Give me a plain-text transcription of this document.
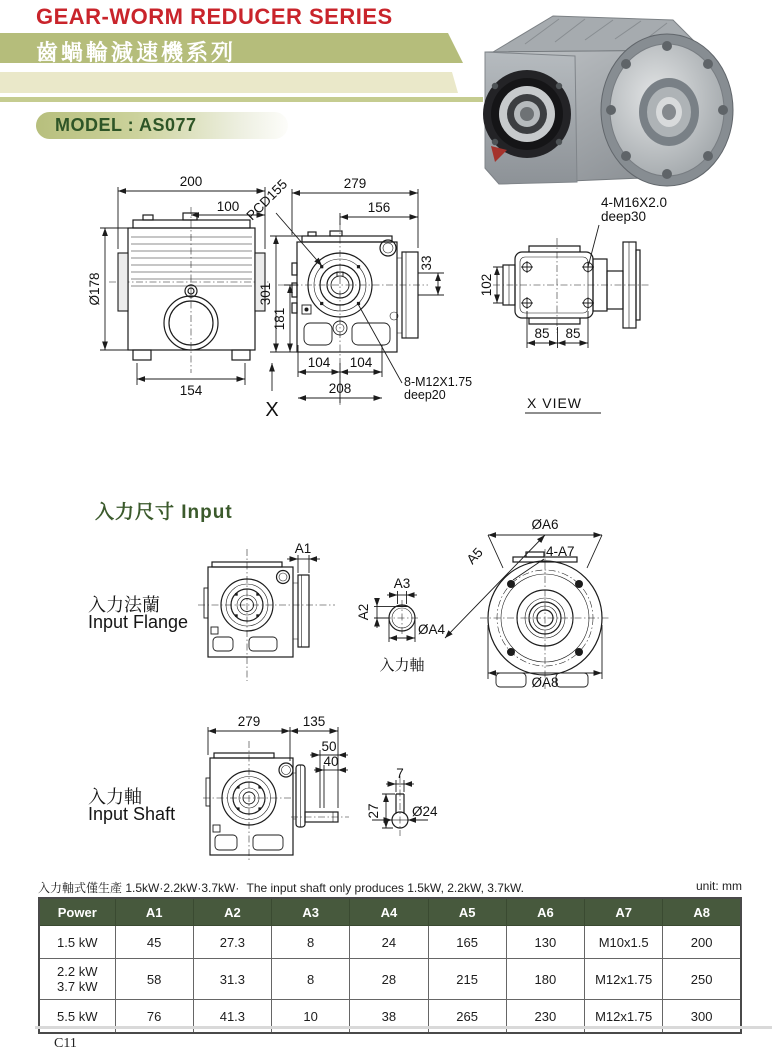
GEAR-WORM REDUCER SERIES
齒蝸輪減速機系列
MODEL : AS077
200
100
Ø178
154
279
156
PCD155
33
301
181
104 104
208
X
8-M12X1.75
deep20
4-M16X2.0
deep30
102
85 85
X VIEW
入力尺寸 Input
入力法蘭
Input Flange
入力軸
Input Shaft
A1
A3
A2
ØA4
入力軸
ØA6
4-A7
A5
ØA8
279	135
50
40
7
27 Ø24
入力軸式僅生產 1.5kW·2.2kW·3.7kW· The input shaft only produces 1.5kW, 2.2kW, 3.7kW.	unit: mm
Power	A1	A2	A3	A4	A5	A6	A7	A8
1.5 kW	45	27.3	8	24	165	130	M10x1.5	200

2.2 kW
3.7 kW	58	31.3	8	28	215	180	M12x1.75	250
5.5 kW	76	41.3	10	38	265	230	M12x1.75	300
C11
